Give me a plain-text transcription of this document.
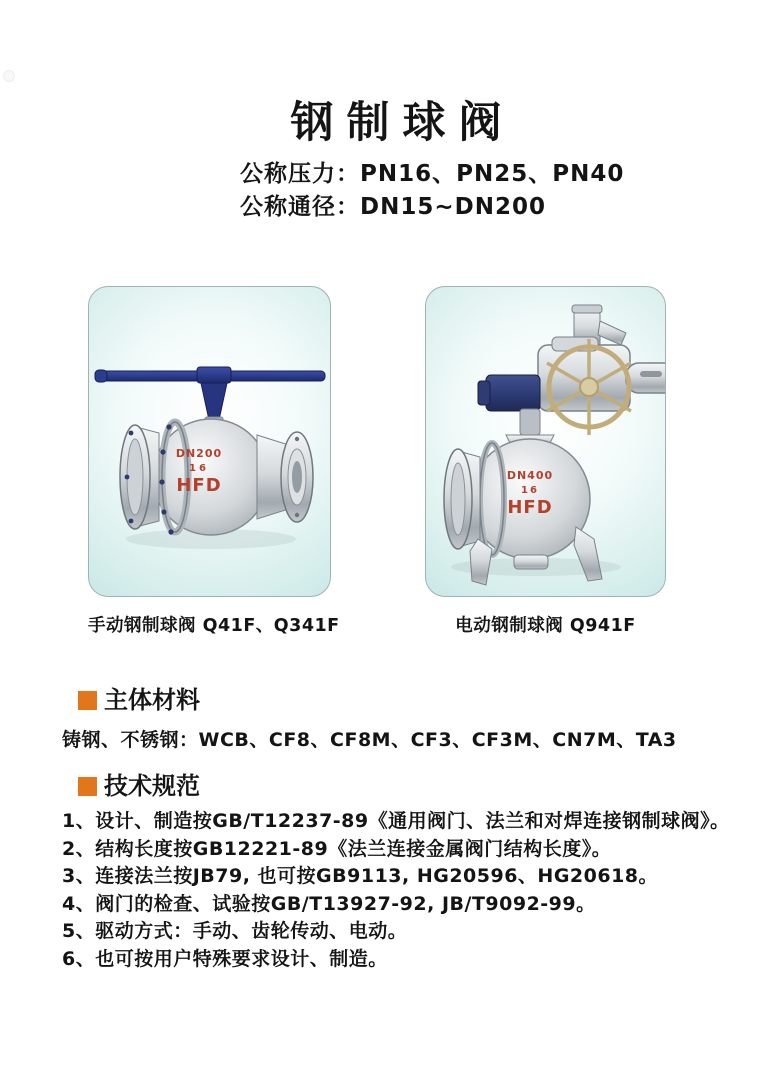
钢制球阀
公称压力：PN16、PN25、PN40
公称通径：DN15~DN200
DN200
16
HFD
手动钢制球阀 Q41F、Q341F
DN400
16
HFD
电动钢制球阀 Q941F
主体材料
铸钢、不锈钢：WCB、CF8、CF8M、CF3、CF3M、CN7M、TA3
技术规范
1、设计、制造按GB/T12237-89《通用阀门、法兰和对焊连接钢制球阀》。
2、结构长度按GB12221-89《法兰连接金属阀门结构长度》。
3、连接法兰按JB79, 也可按GB9113, HG20596、HG20618。
4、阀门的检查、试验按GB/T13927-92, JB/T9092-99。
5、驱动方式：手动、齿轮传动、电动。
6、也可按用户特殊要求设计、制造。
